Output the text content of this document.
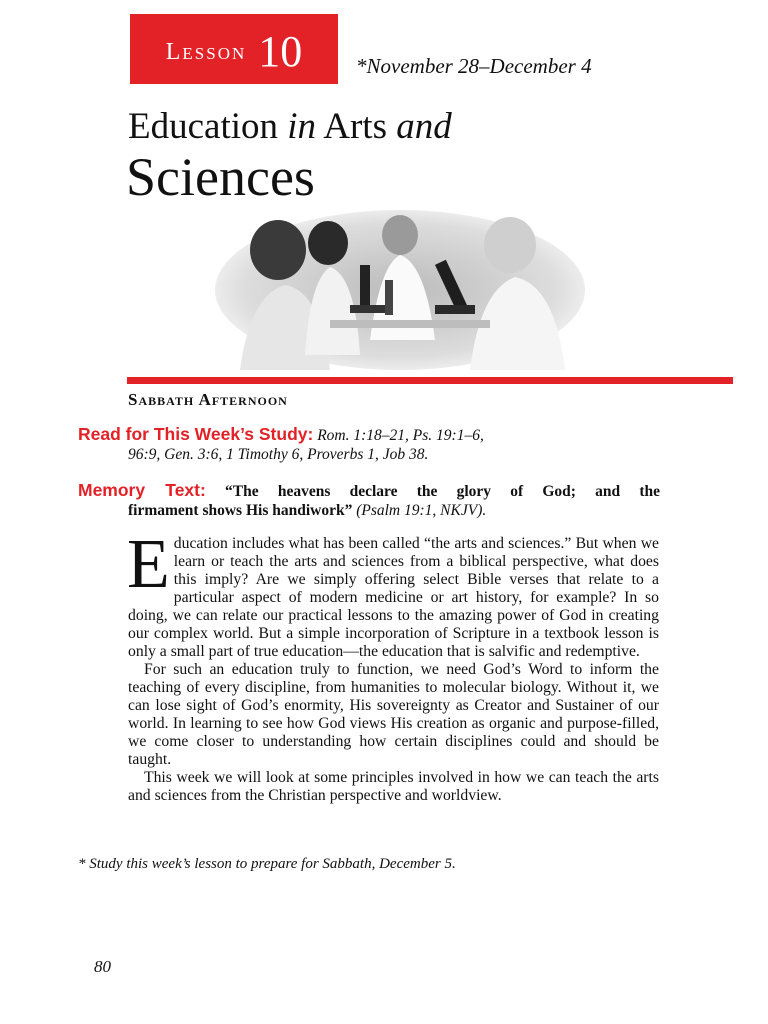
Lesson 10	*November 28–December 4
Education in Arts and
Sciences
Sabbath Afternoon
Read for This Week’s Study: Rom. 1:18–21, Ps. 19:1–6,
96:9, Gen. 3:6, 1 Timothy 6, Proverbs 1, Job 38.
Memory Text: “The heavens declare the glory of God; and the
firmament shows His handiwork” (Psalm 19:1, NKJV).

Education includes what has been called “the arts and sciences.” But when we learn or teach the arts and sciences from a biblical perspective, what does this imply? Are we simply offering select Bible verses that relate to a particular aspect of modern medicine or art history, for example? In so doing, we can relate our practical lessons to the amazing power of God in creating our complex world. But a simple incorporation of Scripture in a textbook lesson is only a small part of true education—the education that is salvific and redemptive.

For such an education truly to function, we need God’s Word to inform the teaching of every discipline, from humanities to molecular biology. Without it, we can lose sight of God’s enormity, His sovereignty as Creator and Sustainer of our world. In learning to see how God views His creation as organic and purpose-filled, we come closer to understanding how certain disciplines could and should be taught.

This week we will look at some principles involved in how we can teach the arts and sciences from the Christian perspective and worldview.

* Study this week’s lesson to prepare for Sabbath, December 5.
80
